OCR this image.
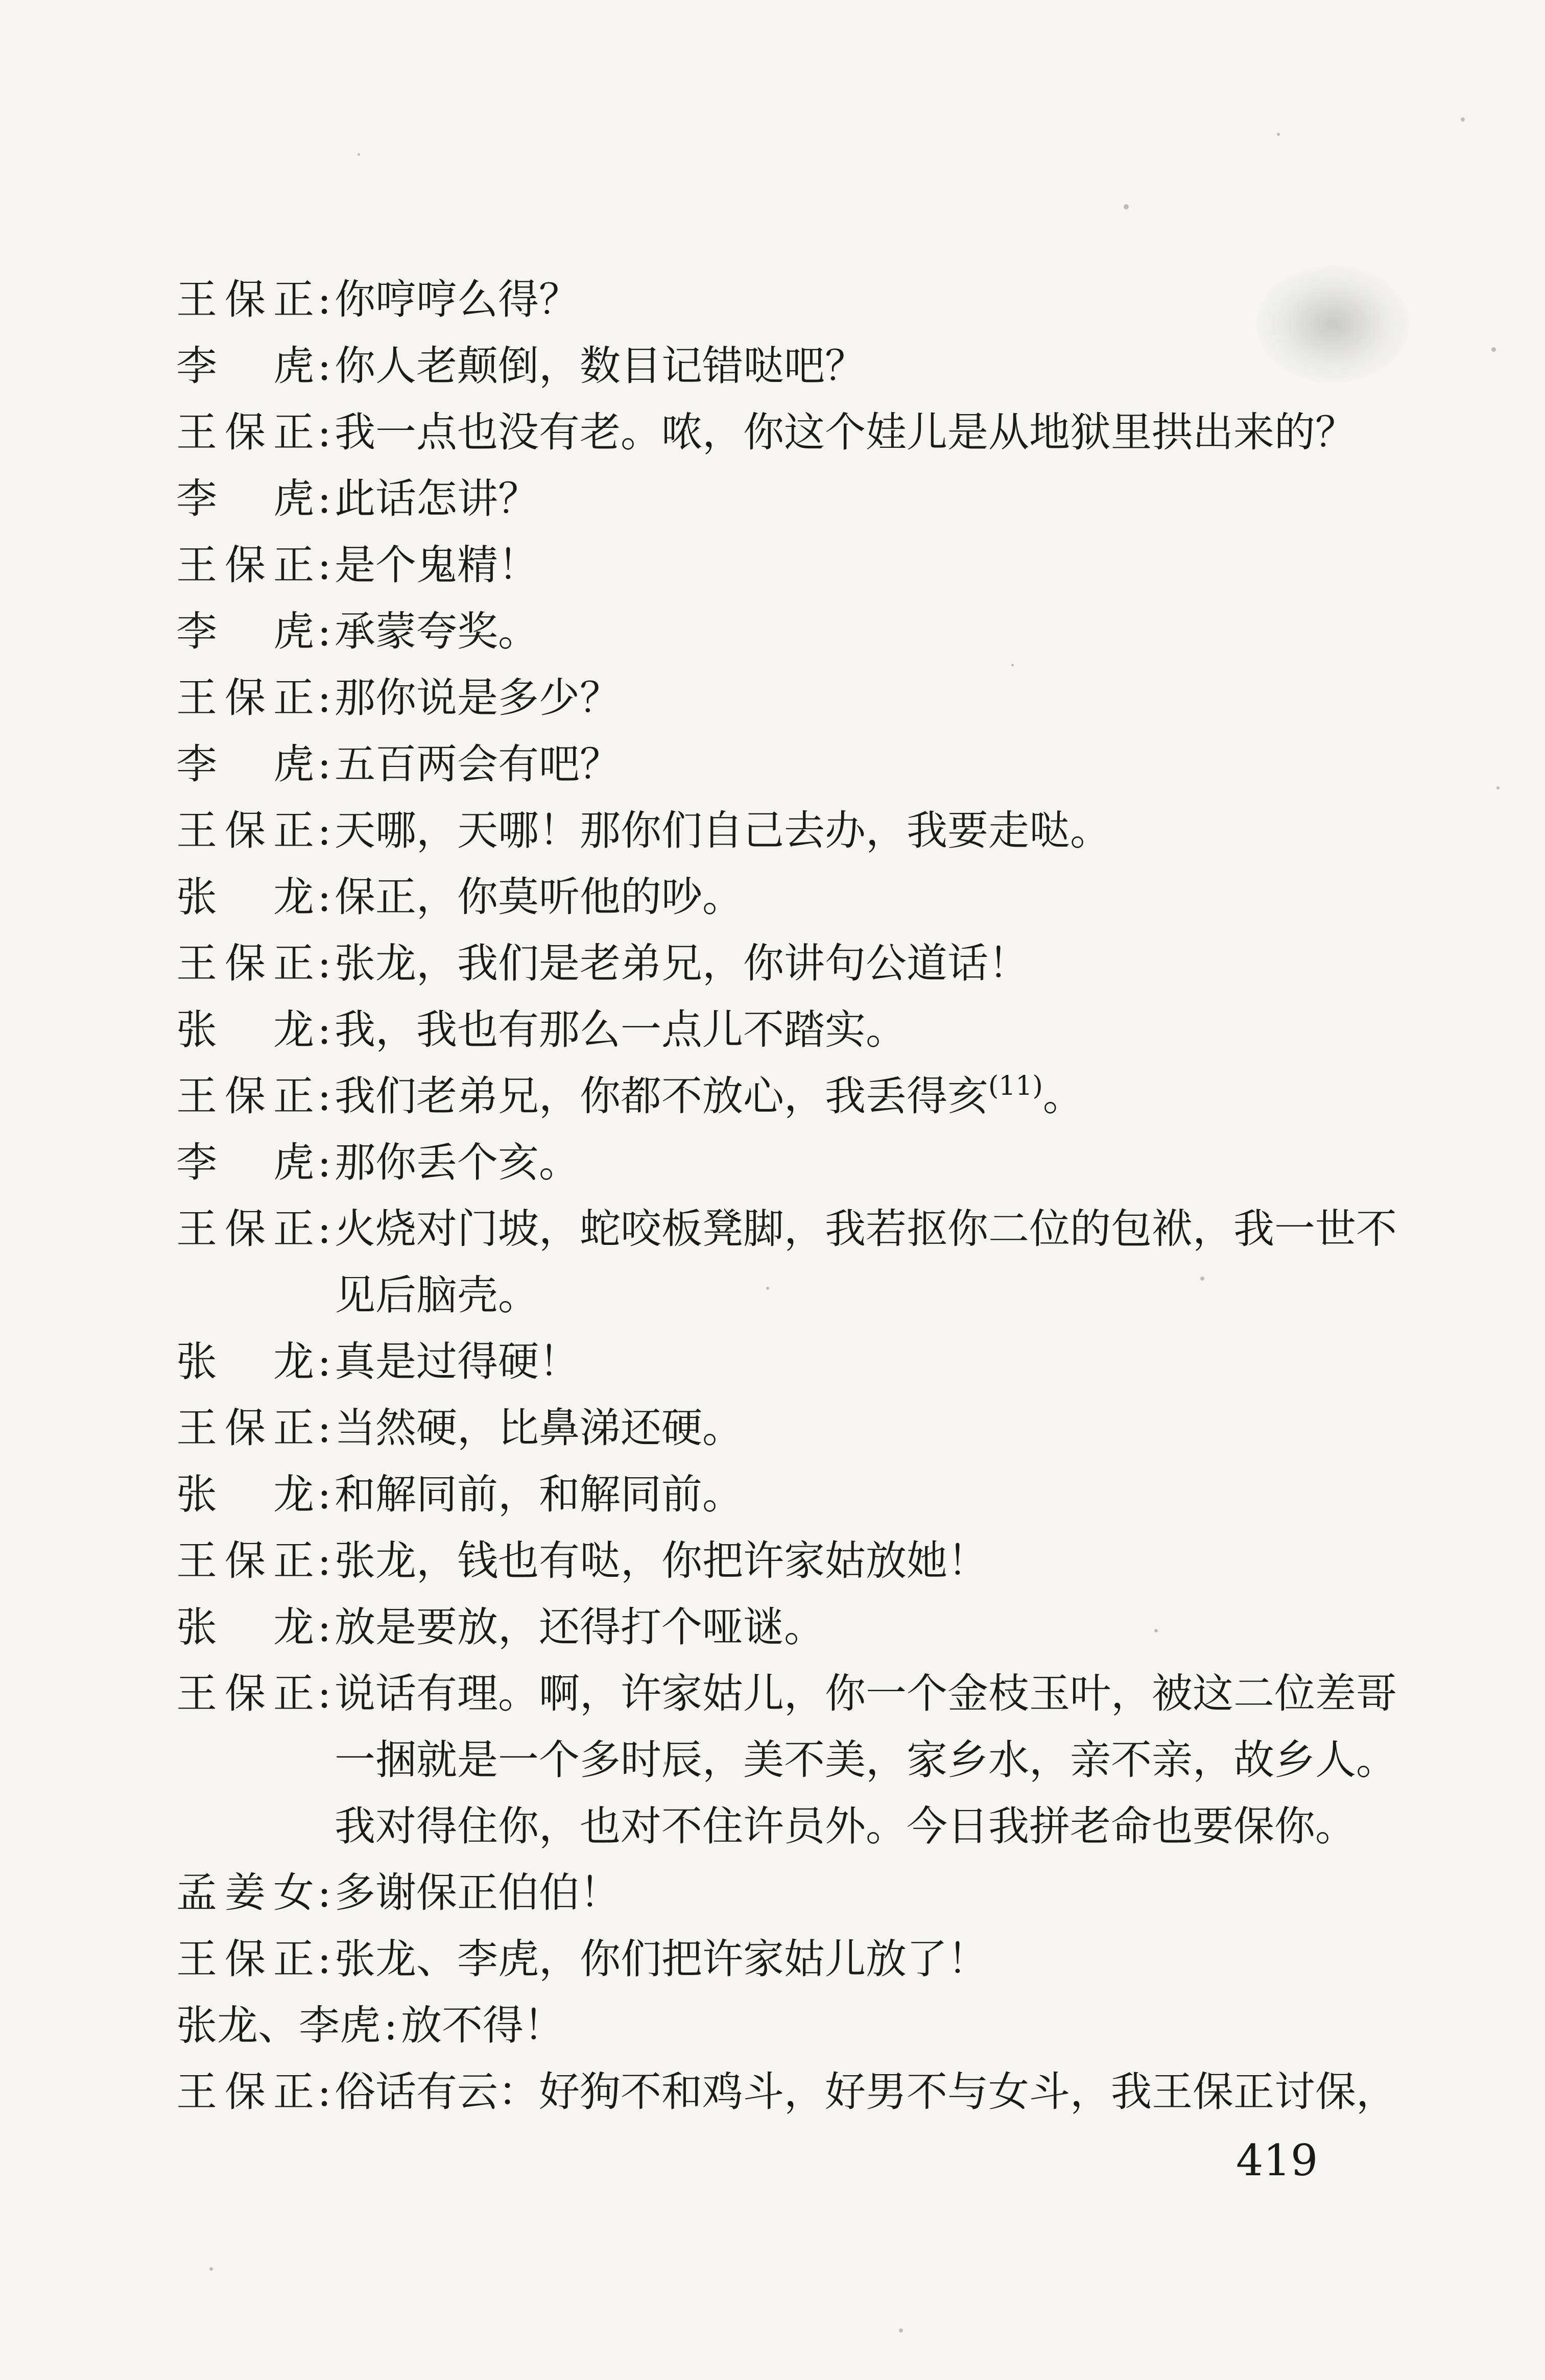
王 保 正 : 你哼哼么得？
李 虎 : 你人老颠倒，数目记错哒吧？
王 保 正 : 我一点也没有老。哝，你这个娃儿是从地狱里拱出来的？
李 虎 : 此话怎讲？
王 保 正 : 是个鬼精！
李 虎 : 承蒙夸奖。
王 保 正 : 那你说是多少？
李 虎 : 五百两会有吧？
王 保 正 : 天哪，天哪！那你们自己去办，我要走哒。
张 龙 : 保正，你莫听他的吵。
王 保 正 : 张龙，我们是老弟兄，你讲句公道话！
张 龙 : 我，我也有那么一点儿不踏实。
王 保 正 : 我们老弟兄，你都不放心，我丢得亥$^{(11)}$。
李 虎 : 那你丢个亥。
王 保 正 : 火烧对门坡，蛇咬板凳脚，我若抠你二位的包袱，我一世不见后脑壳。
张 龙 : 真是过得硬！
王 保 正 : 当然硬，比鼻涕还硬。
张 龙 : 和解同前，和解同前。
王 保 正 : 张龙，钱也有哒，你把许家姑放她！
张 龙 : 放是要放，还得打个哑谜。
王 保 正 : 说话有理。啊，许家姑儿，你一个金枝玉叶，被这二位差哥一捆就是一个多时辰，美不美，家乡水，亲不亲，故乡人。我对得住你，也对不住许员外。今日我拼老命也要保你。
孟 姜 女 : 多谢保正伯伯！
王 保 正 : 张龙、李虎，你们把许家姑儿放了！
张龙、李虎 : 放不得！
王 保 正 : 俗话有云：好狗不和鸡斗，好男不与女斗，我王保正讨保，
419
